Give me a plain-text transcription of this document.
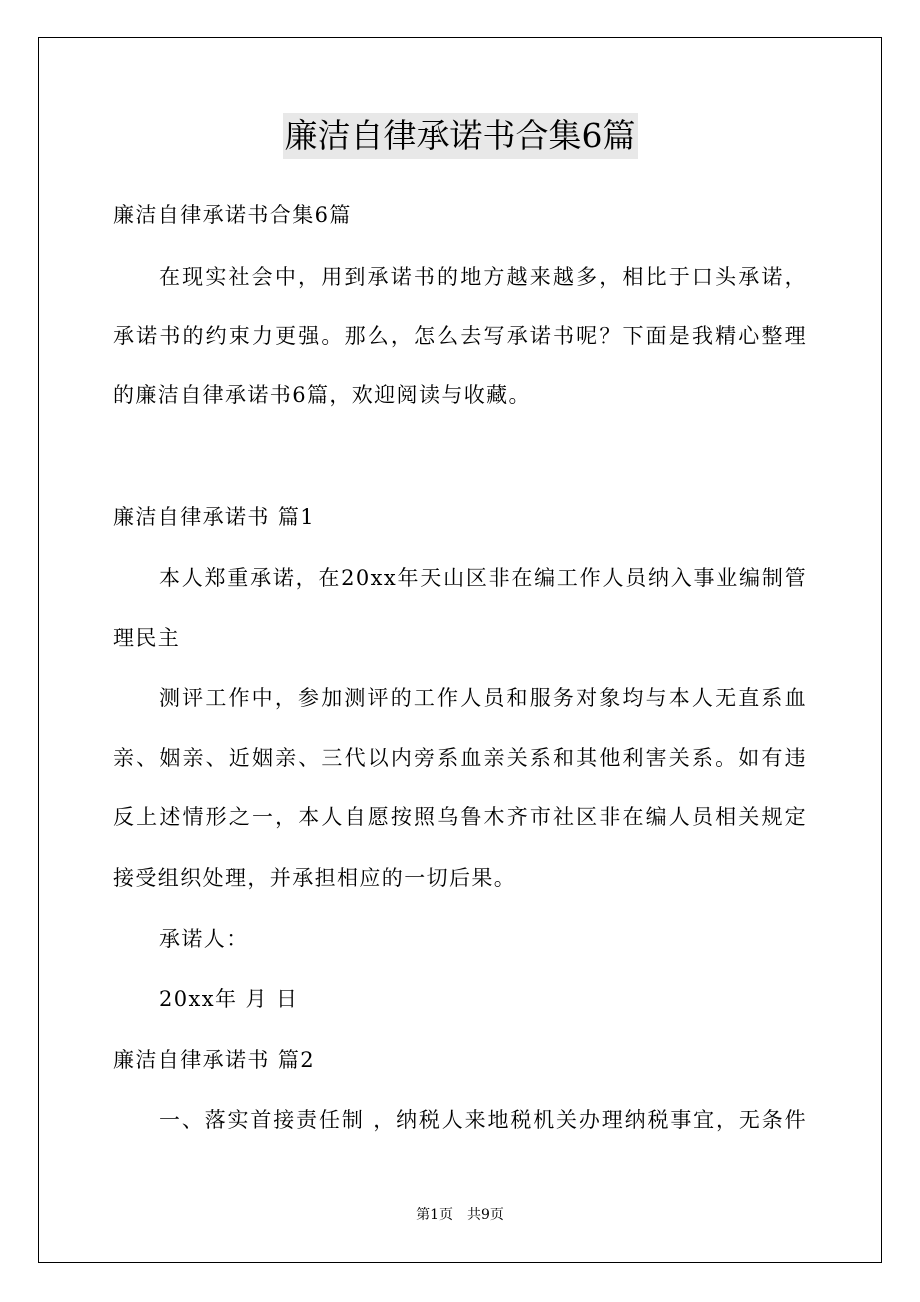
廉洁自律承诺书合集6篇
廉洁自律承诺书合集6篇
在现实社会中，用到承诺书的地方越来越多，相比于口头承诺，
承诺书的约束力更强。那么，怎么去写承诺书呢？下面是我精心整理
的廉洁自律承诺书6篇，欢迎阅读与收藏。
廉洁自律承诺书 篇1
本人郑重承诺，在20xx年天山区非在编工作人员纳入事业编制管
理民主
测评工作中，参加测评的工作人员和服务对象均与本人无直系血
亲、姻亲、近姻亲、三代以内旁系血亲关系和其他利害关系。如有违
反上述情形之一，本人自愿按照乌鲁木齐市社区非在编人员相关规定
接受组织处理，并承担相应的一切后果。
承诺人：
20xx年 月 日
廉洁自律承诺书 篇2
一、落实首接责任制 ，纳税人来地税机关办理纳税事宜，无条件
第1页 共9页
